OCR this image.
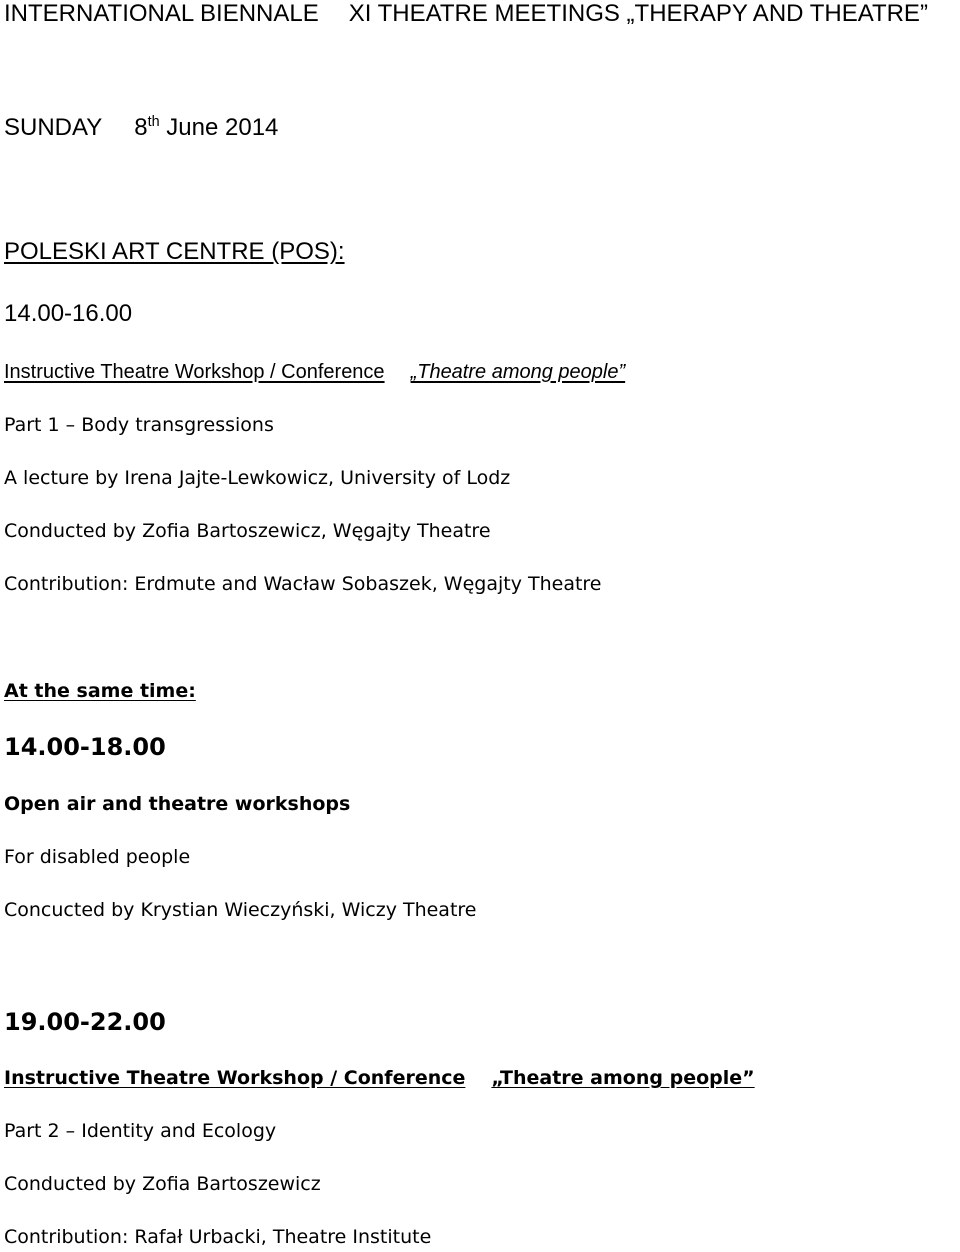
INTERNATIONAL BIENNALE XI THEATRE MEETINGS „THERAPY AND THEATRE”
SUNDAY 8th June 2014
POLESKI ART CENTRE (POS):
14.00-16.00
Instructive Theatre Workshop / Conference „Theatre among people”
Part 1 – Body transgressions
A lecture by Irena Jajte-Lewkowicz, University of Lodz
Conducted by Zofia Bartoszewicz, Węgajty Theatre
Contribution: Erdmute and Wacław Sobaszek, Węgajty Theatre
At the same time:
14.00-18.00
Open air and theatre workshops
For disabled people
Concucted by Krystian Wieczyński, Wiczy Theatre
19.00-22.00
Instructive Theatre Workshop / Conference „Theatre among people”
Part 2 – Identity and Ecology
Conducted by Zofia Bartoszewicz
Contribution: Rafał Urbacki, Theatre Institute
